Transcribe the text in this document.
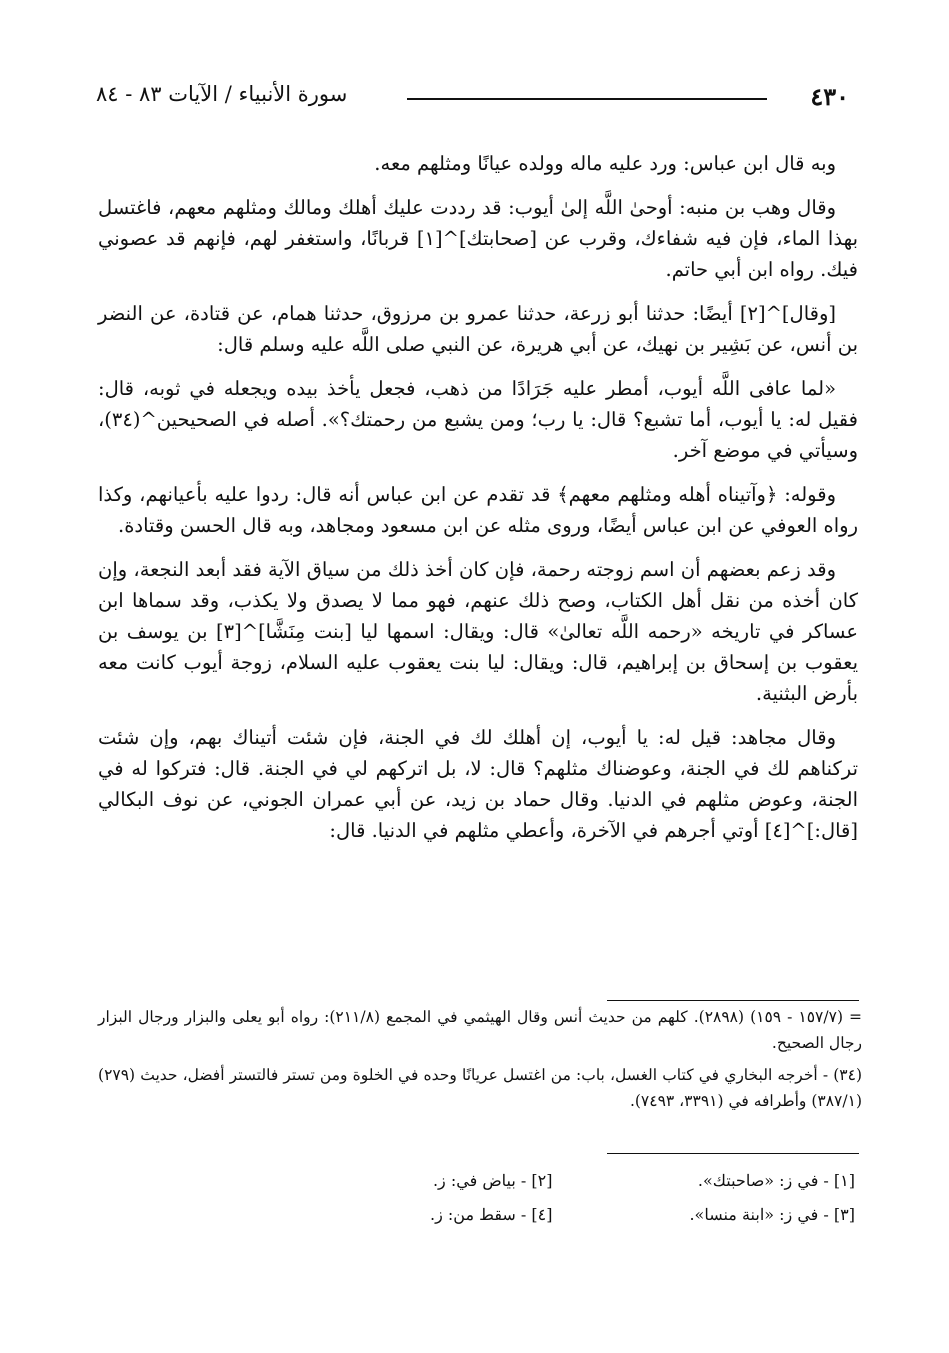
٤٣٠
سورة الأنبياء / الآيات ٨٣ - ٨٤

وبه قال ابن عباس: ورد عليه ماله وولده عيانًا ومثلهم معه.

وقال وهب بن منبه: أوحىٰ اللَّه إلىٰ أيوب: قد رددت عليك أهلك ومالك ومثلهم معهم، فاغتسل بهذا الماء، فإن فيه شفاءك، وقرب عن [صحابتك]^[١] قربانًا، واستغفر لهم، فإنهم قد عصوني فيك. رواه ابن أبي حاتم.

[وقال]^[٢] أيضًا: حدثنا أبو زرعة، حدثنا عمرو بن مرزوق، حدثنا همام، عن قتادة، عن النضر بن أنس، عن بَشِير بن نهيك، عن أبي هريرة، عن النبي صلى اللَّه عليه وسلم قال:

«لما عافى اللَّه أيوب، أمطر عليه جَرَادًا من ذهب، فجعل يأخذ بيده ويجعله في ثوبه، قال: فقيل له: يا أيوب، أما تشبع؟ قال: يا رب؛ ومن يشبع من رحمتك؟». أصله في الصحيحين^(٣٤)، وسيأتي في موضع آخر.

وقوله: ﴿وآتيناه أهله ومثلهم معهم﴾ قد تقدم عن ابن عباس أنه قال: ردوا عليه بأعيانهم، وكذا رواه العوفي عن ابن عباس أيضًا، وروى مثله عن ابن مسعود ومجاهد، وبه قال الحسن وقتادة.

وقد زعم بعضهم أن اسم زوجته رحمة، فإن كان أخذ ذلك من سياق الآية فقد أبعد النجعة، وإن كان أخذه من نقل أهل الكتاب، وصح ذلك عنهم، فهو مما لا يصدق ولا يكذب، وقد سماها ابن عساكر في تاريخه «رحمه اللَّه تعالىٰ» قال: ويقال: اسمها ليا [بنت مِنَشَّا]^[٣] بن يوسف بن يعقوب بن إسحاق بن إبراهيم، قال: ويقال: ليا بنت يعقوب عليه السلام، زوجة أيوب كانت معه بأرض البثنية.

وقال مجاهد: قيل له: يا أيوب، إن أهلك لك في الجنة، فإن شئت أتيناك بهم، وإن شئت تركناهم لك في الجنة، وعوضناك مثلهم؟ قال: لا، بل اتركهم لي في الجنة. قال: فتركوا له في الجنة، وعوض مثلهم في الدنيا. وقال حماد بن زيد، عن أبي عمران الجوني، عن نوف البكالي [قال:]^[٤] أوتي أجرهم في الآخرة، وأعطي مثلهم في الدنيا. قال:

= (١٥٧/٧ - ١٥٩) (٢٨٩٨). كلهم من حديث أنس وقال الهيثمي في المجمع (٢١١/٨): رواه أبو يعلى والبزار ورجال البزار رجال الصحيح.

(٣٤) - أخرجه البخاري في كتاب الغسل، باب: من اغتسل عريانًا وحده في الخلوة ومن تستر فالتستر أفضل، حديث (٢٧٩) (٣٨٧/١) وأطرافه في (٣٣٩١، ٧٤٩٣).

[١] - في ز: «صاحبتك».
[٢] - بياض في: ز.
[٣] - في ز: «ابنة منسا».
[٤] - سقط من: ز.
